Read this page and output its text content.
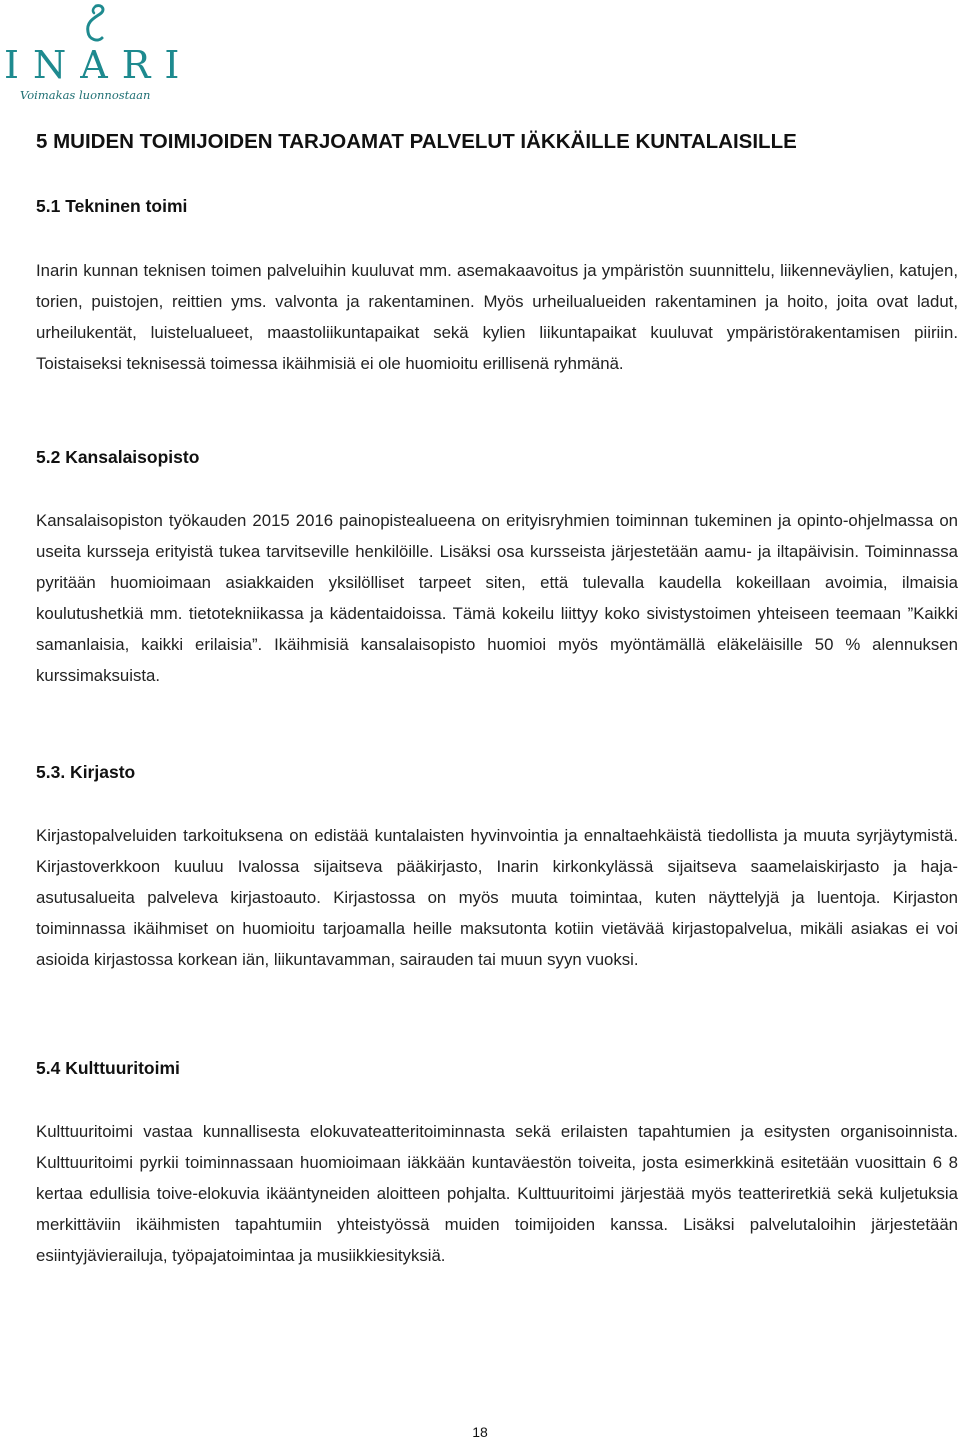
INARI
Voimakas luonnostaan
5 MUIDEN TOIMIJOIDEN TARJOAMAT PALVELUT IÄKKÄILLE KUNTALAISILLE
5.1 Tekninen toimi

Inarin kunnan teknisen toimen palveluihin kuuluvat mm. asemakaavoitus ja ympäristön suunnittelu, liikenneväylien, katujen, torien, puistojen, reittien yms. valvonta ja rakentaminen. Myös urheilualueiden rakentaminen ja hoito, joita ovat ladut, urheilukentät, luistelualueet, maastoliikuntapaikat sekä kylien liikuntapaikat kuuluvat ympäristörakentamisen piiriin. Toistaiseksi teknisessä toimessa ikäihmisiä ei ole huomioitu erillisenä ryhmänä.

5.2 Kansalaisopisto

Kansalaisopiston työkauden 2015 2016 painopistealueena on erityisryhmien toiminnan tukeminen ja opinto-ohjelmassa on useita kursseja erityistä tukea tarvitseville henkilöille. Lisäksi osa kursseista järjestetään aamu- ja iltapäivisin. Toiminnassa pyritään huomioimaan asiakkaiden yksilölliset tarpeet siten, että tulevalla kaudella kokeillaan avoimia, ilmaisia koulutushetkiä mm. tietotekniikassa ja kädentaidoissa. Tämä kokeilu liittyy koko sivistystoimen yhteiseen teemaan ”Kaikki samanlaisia, kaikki erilaisia”. Ikäihmisiä kansalaisopisto huomioi myös myöntämällä eläkeläisille 50 % alennuksen kurssimaksuista.

5.3. Kirjasto

Kirjastopalveluiden tarkoituksena on edistää kuntalaisten hyvinvointia ja ennaltaehkäistä tiedollista ja muuta syrjäytymistä. Kirjastoverkkoon kuuluu Ivalossa sijaitseva pääkirjasto, Inarin kirkonkylässä sijaitseva saamelaiskirjasto ja haja-asutusalueita palveleva kirjastoauto. Kirjastossa on myös muuta toimintaa, kuten näyttelyjä ja luentoja. Kirjaston toiminnassa ikäihmiset on huomioitu tarjoamalla heille maksutonta kotiin vietävää kirjastopalvelua, mikäli asiakas ei voi asioida kirjastossa korkean iän, liikuntavamman, sairauden tai muun syyn vuoksi.

5.4 Kulttuuritoimi

Kulttuuritoimi vastaa kunnallisesta elokuvateatteritoiminnasta sekä erilaisten tapahtumien ja esitysten organisoinnista. Kulttuuritoimi pyrkii toiminnassaan huomioimaan iäkkään kuntaväestön toiveita, josta esimerkkinä esitetään vuosittain 6 8 kertaa edullisia toive-elokuvia ikääntyneiden aloitteen pohjalta. Kulttuuritoimi järjestää myös teatteriretkiä sekä kuljetuksia merkittäviin ikäihmisten tapahtumiin yhteistyössä muiden toimijoiden kanssa. Lisäksi palvelutaloihin järjestetään esiintyjävierailuja, työpajatoimintaa ja musiikkiesityksiä.

18
